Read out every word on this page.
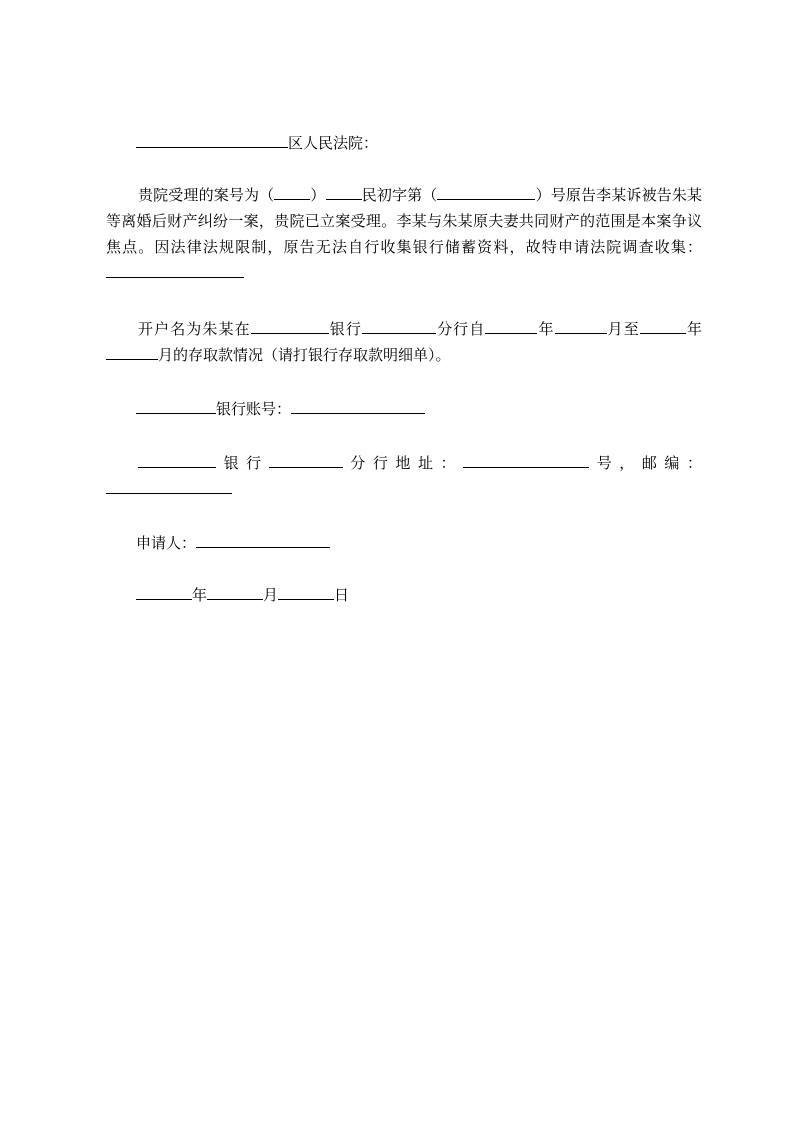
区人民法院：
贵院受理的案号为（ ） 民初字第（	）号原告李某诉被告朱某等离婚后财产纠纷一案，贵院已立案受理。李某与朱某原夫妻共同财产的范围是本案争议焦点。因法律法规限制，原告无法自行收集银行储蓄资料，故特申请法院调查收集：
开户名为朱某在	银行	分行自	年	月至	年月的存取款情况（请打银行存取款明细单）。
银行账号：
银行	分行地址：	号，邮编：
申请人：
年	月	日
